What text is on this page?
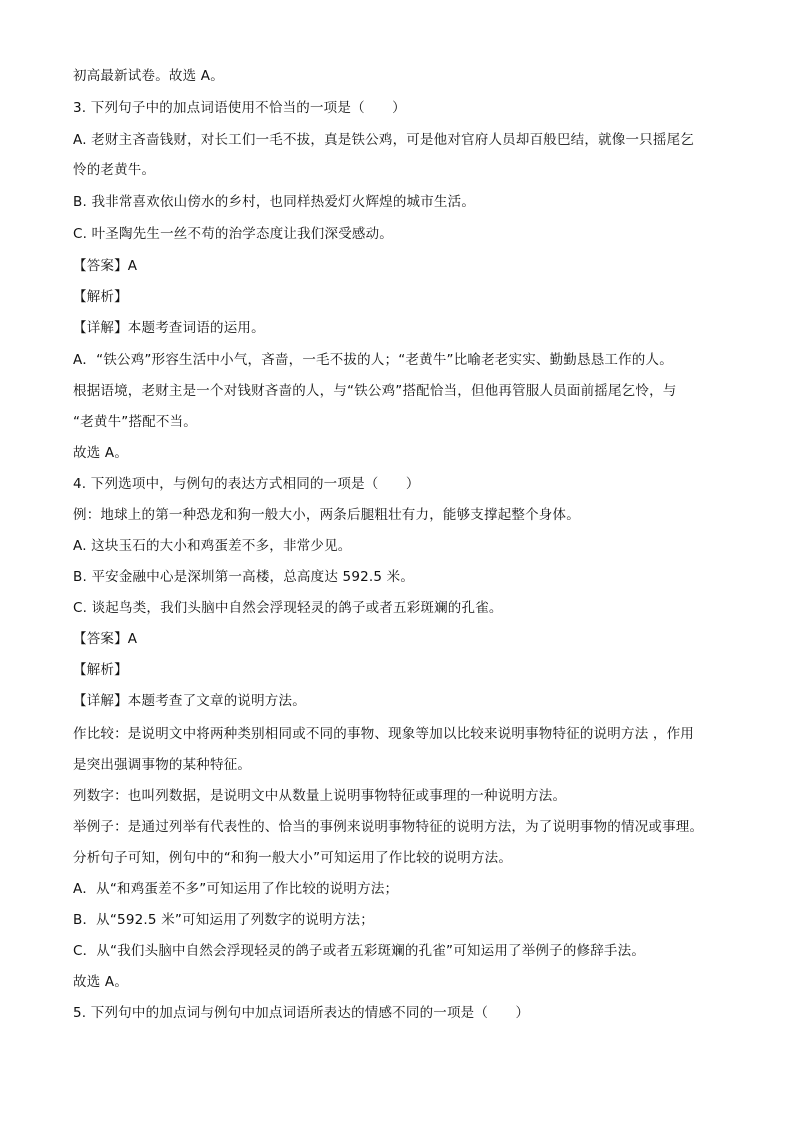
初高最新试卷。故选 A。
3. 下列句子中的加点词语使用不恰当的一项是（　　）
A. 老财主吝啬钱财，对长工们一毛不拔，真是铁公鸡，可是他对官府人员却百般巴结，就像一只摇尾乞
怜的老黄牛。
B. 我非常喜欢依山傍水的乡村，也同样热爱灯火辉煌的城市生活。
C. 叶圣陶先生一丝不苟的治学态度让我们深受感动。
【答案】A
【解析】
【详解】本题考查词语的运用。
A．“铁公鸡”形容生活中小气，吝啬，一毛不拔的人；“老黄牛”比喻老老实实、勤勤恳恳工作的人。
根据语境，老财主是一个对钱财吝啬的人，与“铁公鸡”搭配恰当，但他再管服人员面前摇尾乞怜，与
“老黄牛”搭配不当。
故选 A。
4. 下列选项中，与例句的表达方式相同的一项是（　　）
例：地球上的第一种恐龙和狗一般大小，两条后腿粗壮有力，能够支撑起整个身体。
A. 这块玉石的大小和鸡蛋差不多，非常少见。
B. 平安金融中心是深圳第一高楼，总高度达 592.5 米。
C. 谈起鸟类，我们头脑中自然会浮现轻灵的鸽子或者五彩斑斓的孔雀。
【答案】A
【解析】
【详解】本题考查了文章的说明方法。
作比较：是说明文中将两种类别相同或不同的事物、现象等加以比较来说明事物特征的说明方法 ，作用
是突出强调事物的某种特征。
列数字：也叫列数据，是说明文中从数量上说明事物特征或事理的一种说明方法。
举例子：是通过列举有代表性的、恰当的事例来说明事物特征的说明方法，为了说明事物的情况或事理。
分析句子可知，例句中的“和狗一般大小”可知运用了作比较的说明方法。
A．从“和鸡蛋差不多”可知运用了作比较的说明方法；
B．从“592.5 米”可知运用了列数字的说明方法；
C．从“我们头脑中自然会浮现轻灵的鸽子或者五彩斑斓的孔雀”可知运用了举例子的修辞手法。
故选 A。
5. 下列句中的加点词与例句中加点词语所表达的情感不同的一项是（　　）
